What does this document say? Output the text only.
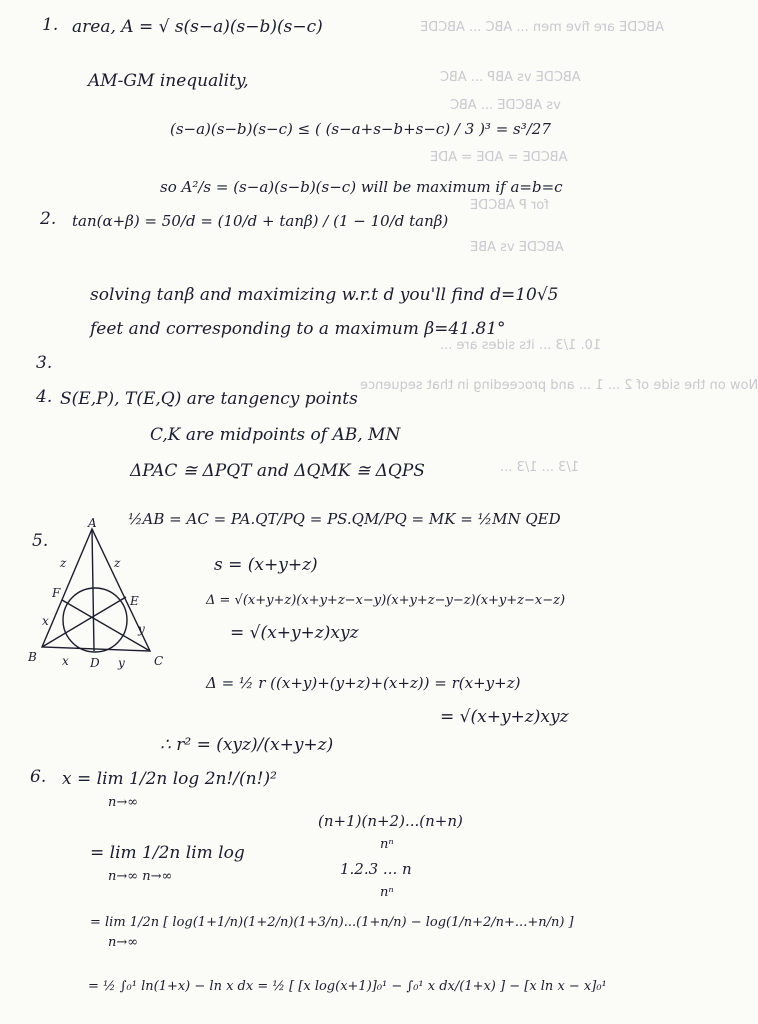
ABCDE are five men ... ABC ... ABCDE
ABCDE vs ABP ... ABC
vs ABCDE ... ABC
ABCDE = ADE = ADE
for P ABCDE
ABCDE vs ABE
10. 1/3 ... its sides are ...
Now on the side of 2 ... 1 ... and proceeding in that sequence
1/3 ... 1/3 ...
1. area, A = √ s(s−a)(s−b)(s−c)
AM-GM inequality,
(s−a)(s−b)(s−c) ≤ ( (s−a+s−b+s−c) / 3 )³ = s³/27
so A²/s = (s−a)(s−b)(s−c) will be maximum if a=b=c
2. tan(α+β) = 50/d = (10/d + tanβ) / (1 − 10/d tanβ)
solving tanβ and maximizing w.r.t d you'll find d=10√5
feet and corresponding to a maximum β=41.81°
3.
4. S(E,P), T(E,Q) are tangency points
C,K are midpoints of AB, MN
ΔPAC ≅ ΔPQT and ΔQMK ≅ ΔQPS
½AB = AC = PA.QT/PQ = PS.QM/PQ = MK = ½MN QED
5.
A
B	C
D
E
F
z	z
x
x
y
y
s = (x+y+z)
Δ = √(x+y+z)(x+y+z−x−y)(x+y+z−y−z)(x+y+z−x−z)
= √(x+y+z)xyz
Δ = ½ r ((x+y)+(y+z)+(x+z)) = r(x+y+z)
= √(x+y+z)xyz
∴ r² = (xyz)/(x+y+z)
6. x = lim 1/2n log 2n!/(n!)²
n→∞
(n+1)(n+2)...(n+n)
nⁿ
= lim 1/2n lim log
n→∞ n→∞	1.2.3 ... n
nⁿ
= lim 1/2n [ log(1+1/n)(1+2/n)(1+3/n)...(1+n/n) − log(1/n+2/n+...+n/n) ]
n→∞
= ½ ∫₀¹ ln(1+x) − ln x dx = ½ [ [x log(x+1)]₀¹ − ∫₀¹ x dx/(1+x) ] − [x ln x − x]₀¹
